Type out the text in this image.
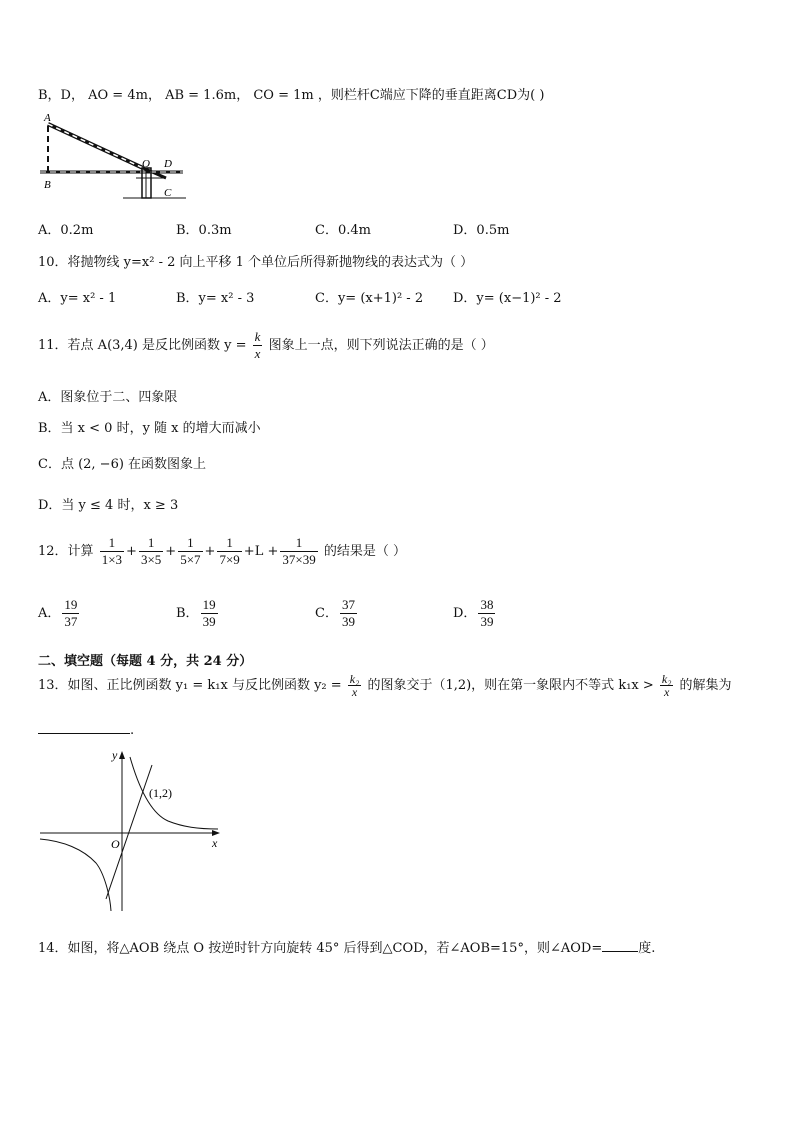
B，D， AO = 4m， AB = 1.6m， CO = 1m ，则栏杆C端应下降的垂直距离CD为( )
A
B
O D
C
A．0.2m	B．0.3m	C．0.4m	D．0.5m
10．将抛物线 y=x² - 2 向上平移 1 个单位后所得新抛物线的表达式为（ ）
A．y= x² - 1	B．y= x² - 3	C．y= (x+1)² - 2 D．y= (x−1)² - 2
11．若点 A(3,4) 是反比例函数 $y = \frac{k}{x}$ 图象上一点，则下列说法正确的是（ ）
A．图象位于二、四象限
B．当 x < 0 时，y 随 x 的增大而减小
C．点 (2, −6) 在函数图象上
D．当 y ≤ 4 时，x ≥ 3
12．计算 $\frac{1}{1\times 3} + \frac{1}{3\times 5} + \frac{1}{5\times 7} + \frac{1}{7\times 9} +L + \frac{1}{37\times 39}$ 的结果是（ ）
A． $\frac{19}{37}$	B． $\frac{19}{39}$	C． $\frac{37}{39}$	D． $\frac{38}{39}$
二、填空题（每题 4 分，共 24 分）
13．如图、正比例函数 y₁ = k₁x 与反比例函数 $y_2 = \frac{\text{k₂}}{x}$ 的图象交于（1,2)，则在第一象限内不等式 $k_1x > \frac{\text{k₂}}{x}$ 的解集为
.
y
x
O
(1,2)
14．如图，将△AOB 绕点 O 按逆时针方向旋转 45° 后得到△COD，若∠AOB=15°，则∠AOD=	度.
